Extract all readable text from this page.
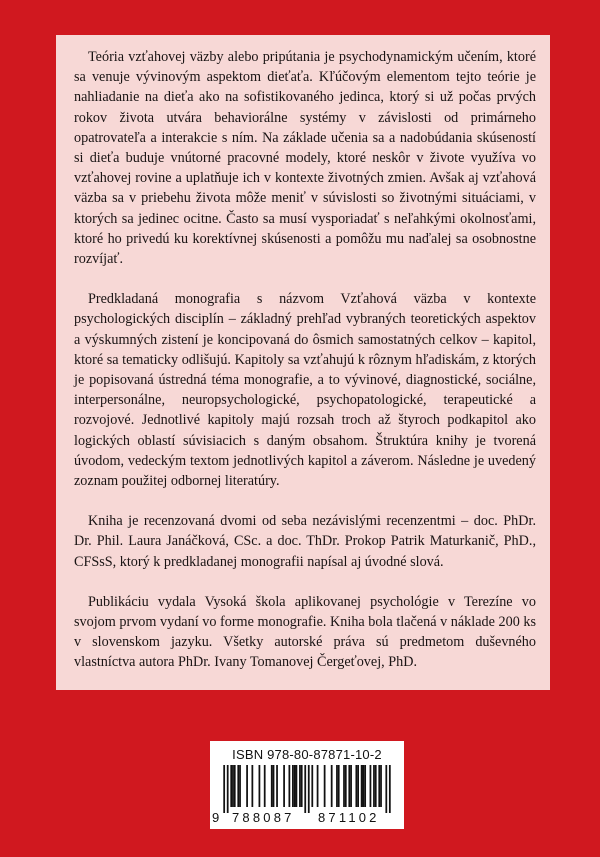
Teória vzťahovej väzby alebo pripútania je psychodynamickým učením, ktoré sa venuje vývinovým aspektom dieťaťa. Kľúčovým elementom tejto teórie je nahliadanie na dieťa ako na sofistikovaného jedinca, ktorý si už počas prvých rokov života utvára behaviorálne systémy v závislosti od primárneho opatrovateľa a interakcie s ním. Na základe učenia sa a nadobúdania skúseností si dieťa buduje vnútorné pracovné modely, ktoré neskôr v živote využíva vo vzťahovej rovine a uplatňuje ich v kontexte životných zmien. Avšak aj vzťahová väzba sa v priebehu života môže meniť v súvislosti so životnými situáciami, v ktorých sa jedinec ocitne. Často sa musí vysporiadať s neľahkými okolnosťami, ktoré ho privedú ku korektívnej skúsenosti a pomôžu mu naďalej sa osobnostne rozvíjať.

Predkladaná monografia s názvom Vzťahová väzba v kontexte psychologických disciplín – základný prehľad vybraných teoretických aspektov a výskumných zistení je koncipovaná do ôsmich samostatných celkov – kapitol, ktoré sa tematicky odlišujú. Kapitoly sa vzťahujú k rôznym hľadiskám, z ktorých je popisovaná ústredná téma monografie, a to vývinové, diagnostické, sociálne, interpersonálne, neuropsychologické, psychopatologické, terapeutické a rozvojové. Jednotlivé kapitoly majú rozsah troch až štyroch podkapitol ako logických oblastí súvisiacich s daným obsahom. Štruktúra knihy je tvorená úvodom, vedeckým textom jednotlivých kapitol a záverom. Následne je uvedený zoznam použitej odbornej literatúry.

Kniha je recenzovaná dvomi od seba nezávislými recenzentmi – doc. PhDr. Dr. Phil. Laura Janáčková, CSc. a doc. ThDr. Prokop Patrik Maturkanič, PhD., CFSsS, ktorý k predkladanej monografii napísal aj úvodné slová.

Publikáciu vydala Vysoká škola aplikovanej psychológie v Terezíne vo svojom prvom vydaní vo forme monografie. Kniha bola tlačená v náklade 200 ks v slovenskom jazyku. Všetky autorské práva sú predmetom duševného vlastníctva autora PhDr. Ivany Tomanovej Čergeťovej, PhD.

ISBN 978-80-87871-10-2
9 788087 871102
